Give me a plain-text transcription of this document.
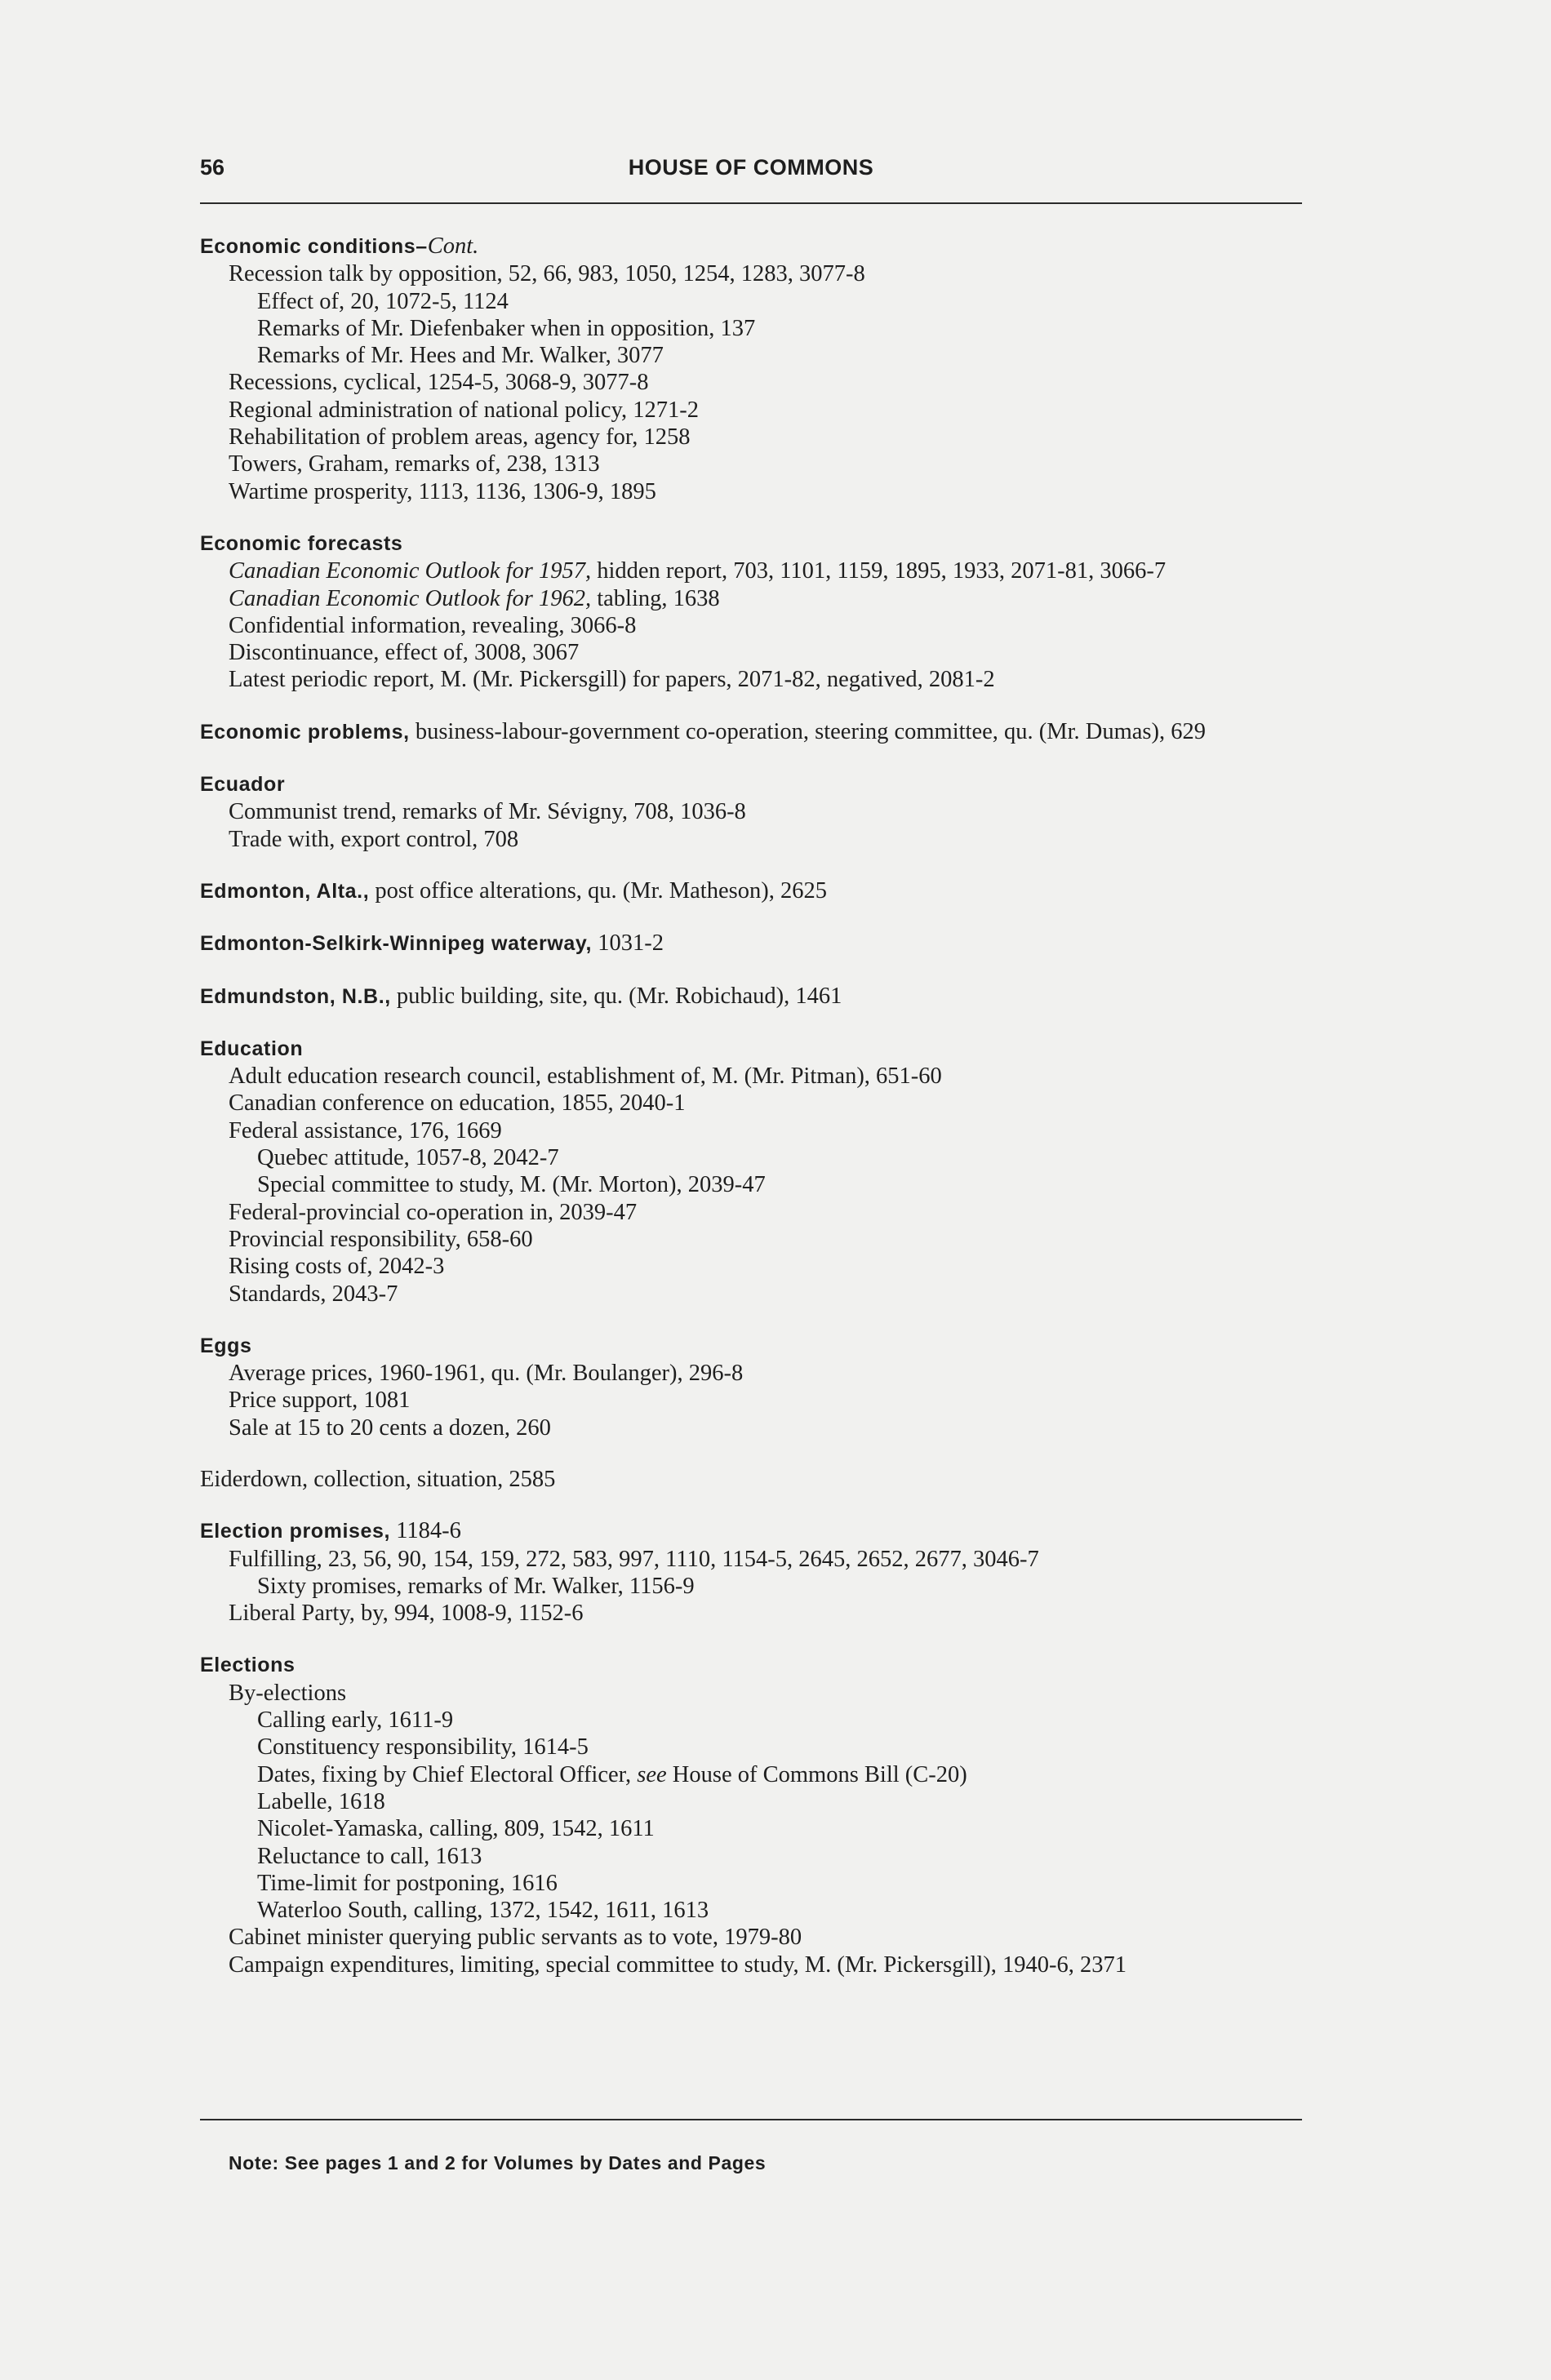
56	HOUSE OF COMMONS
Economic conditions–Cont.
Recession talk by opposition, 52, 66, 983, 1050, 1254, 1283, 3077-8
Effect of, 20, 1072-5, 1124
Remarks of Mr. Diefenbaker when in opposition, 137
Remarks of Mr. Hees and Mr. Walker, 3077
Recessions, cyclical, 1254-5, 3068-9, 3077-8
Regional administration of national policy, 1271-2
Rehabilitation of problem areas, agency for, 1258
Towers, Graham, remarks of, 238, 1313
Wartime prosperity, 1113, 1136, 1306-9, 1895
Economic forecasts
Canadian Economic Outlook for 1957, hidden report, 703, 1101, 1159, 1895, 1933, 2071-81, 3066-7
Canadian Economic Outlook for 1962, tabling, 1638
Confidential information, revealing, 3066-8
Discontinuance, effect of, 3008, 3067
Latest periodic report, M. (Mr. Pickersgill) for papers, 2071-82, negatived, 2081-2
Economic problems, business-labour-government co-operation, steering committee, qu. (Mr. Dumas), 629
Ecuador
Communist trend, remarks of Mr. Sévigny, 708, 1036-8
Trade with, export control, 708
Edmonton, Alta., post office alterations, qu. (Mr. Matheson), 2625
Edmonton-Selkirk-Winnipeg waterway, 1031-2
Edmundston, N.B., public building, site, qu. (Mr. Robichaud), 1461
Education
Adult education research council, establishment of, M. (Mr. Pitman), 651-60
Canadian conference on education, 1855, 2040-1
Federal assistance, 176, 1669
Quebec attitude, 1057-8, 2042-7
Special committee to study, M. (Mr. Morton), 2039-47
Federal-provincial co-operation in, 2039-47
Provincial responsibility, 658-60
Rising costs of, 2042-3
Standards, 2043-7
Eggs
Average prices, 1960-1961, qu. (Mr. Boulanger), 296-8
Price support, 1081
Sale at 15 to 20 cents a dozen, 260
Eiderdown, collection, situation, 2585
Election promises, 1184-6
Fulfilling, 23, 56, 90, 154, 159, 272, 583, 997, 1110, 1154-5, 2645, 2652, 2677, 3046-7
Sixty promises, remarks of Mr. Walker, 1156-9
Liberal Party, by, 994, 1008-9, 1152-6
Elections
By-elections
Calling early, 1611-9
Constituency responsibility, 1614-5
Dates, fixing by Chief Electoral Officer, see House of Commons Bill (C-20)
Labelle, 1618
Nicolet-Yamaska, calling, 809, 1542, 1611
Reluctance to call, 1613
Time-limit for postponing, 1616
Waterloo South, calling, 1372, 1542, 1611, 1613
Cabinet minister querying public servants as to vote, 1979-80
Campaign expenditures, limiting, special committee to study, M. (Mr. Pickersgill), 1940-6, 2371
Note: See pages 1 and 2 for Volumes by Dates and Pages
